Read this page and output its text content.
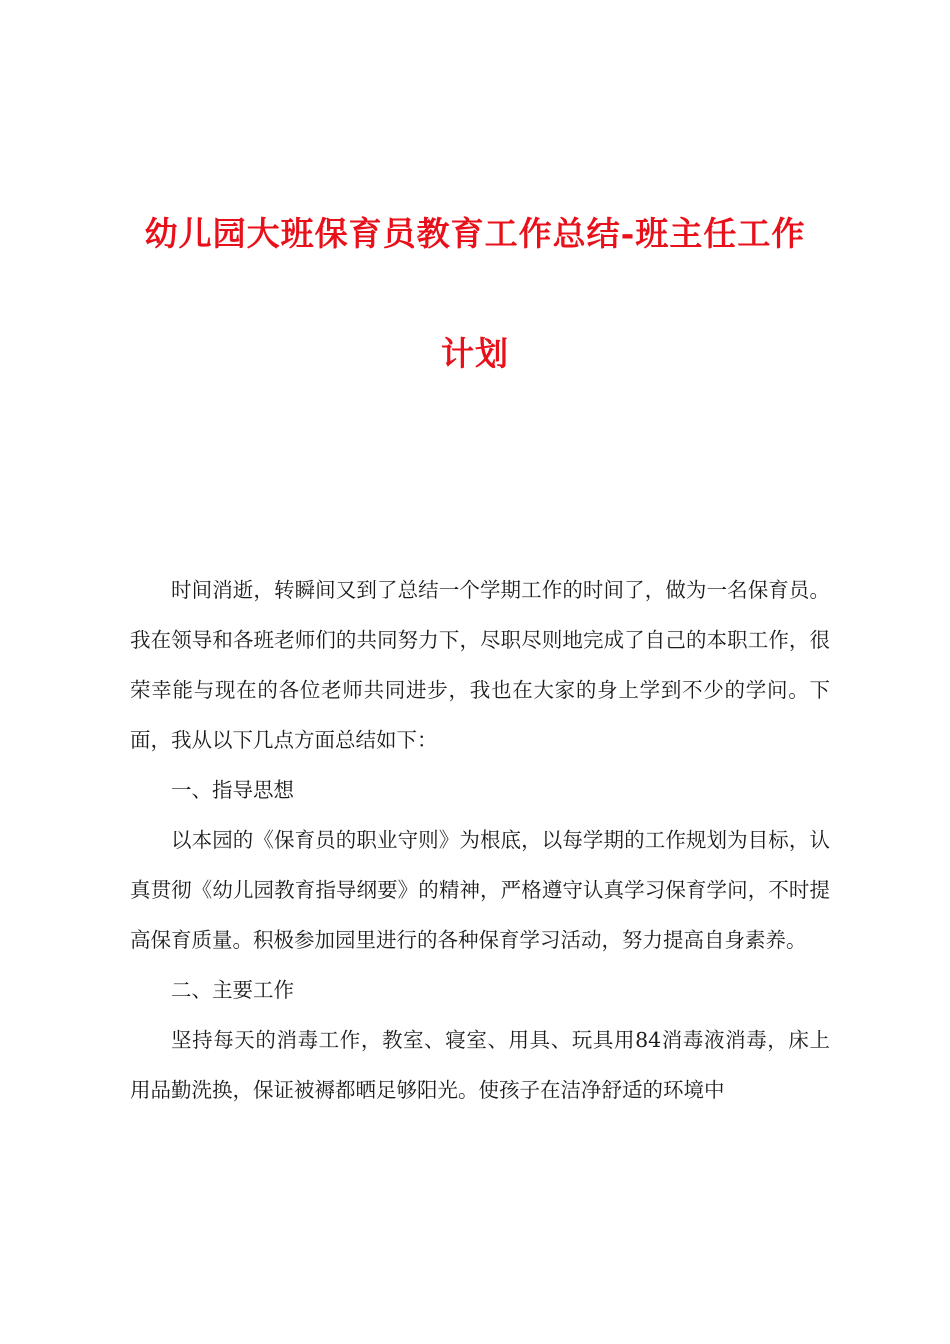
幼儿园大班保育员教育工作总结-班主任工作
计划

时间消逝，转瞬间又到了总结一个学期工作的时间了，做为一名保育员。我在领导和各班老师们的共同努力下，尽职尽则地完成了自己的本职工作，很荣幸能与现在的各位老师共同进步，我也在大家的身上学到不少的学问。下面，我从以下几点方面总结如下：

一、指导思想

以本园的《保育员的职业守则》为根底，以每学期的工作规划为目标，认真贯彻《幼儿园教育指导纲要》的精神，严格遵守认真学习保育学问，不时提高保育质量。积极参加园里进行的各种保育学习活动，努力提高自身素养。

二、主要工作

坚持每天的消毒工作，教室、寝室、用具、玩具用84消毒液消毒，床上用品勤洗换，保证被褥都晒足够阳光。使孩子在洁净舒适的环境中
